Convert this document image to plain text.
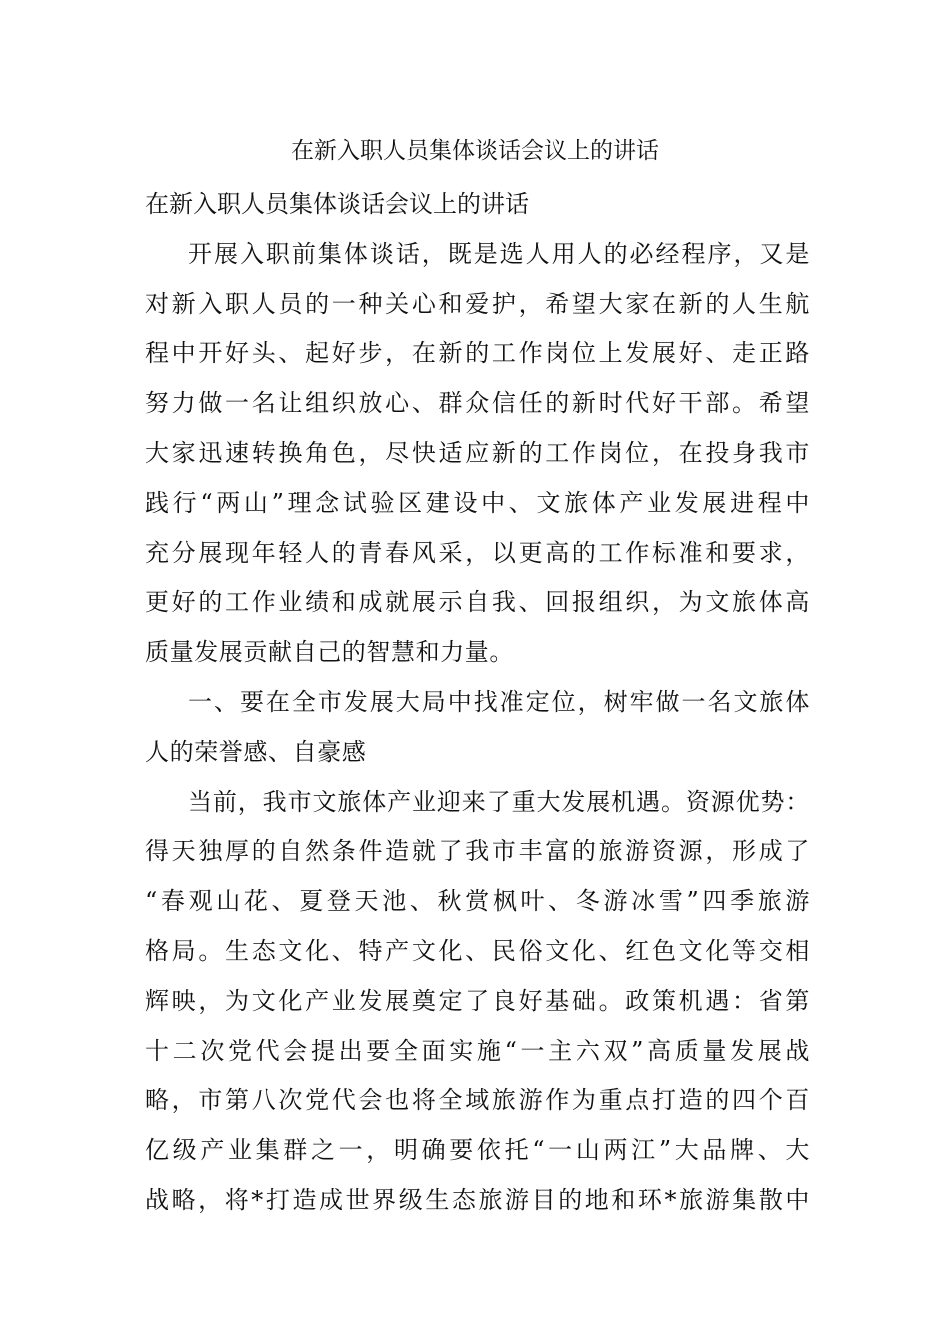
在新入职人员集体谈话会议上的讲话

在新入职人员集体谈话会议上的讲话

开展入职前集体谈话，既是选人用人的必经程序，又是
对新入职人员的一种关心和爱护，希望大家在新的人生航
程中开好头、起好步，在新的工作岗位上发展好、走正路
努力做一名让组织放心、群众信任的新时代好干部。希望
大家迅速转换角色，尽快适应新的工作岗位，在投身我市
践行“两山”理念试验区建设中、文旅体产业发展进程中
充分展现年轻人的青春风采，以更高的工作标准和要求，
更好的工作业绩和成就展示自我、回报组织，为文旅体高
质量发展贡献自己的智慧和力量。

一、要在全市发展大局中找准定位，树牢做一名文旅体
人的荣誉感、自豪感

当前，我市文旅体产业迎来了重大发展机遇。资源优势：
得天独厚的自然条件造就了我市丰富的旅游资源，形成了
“春观山花、夏登天池、秋赏枫叶、冬游冰雪”四季旅游
格局。生态文化、特产文化、民俗文化、红色文化等交相
辉映，为文化产业发展奠定了良好基础。政策机遇：省第
十二次党代会提出要全面实施“一主六双”高质量发展战
略，市第八次党代会也将全域旅游作为重点打造的四个百
亿级产业集群之一，明确要依托“一山两江”大品牌、大
战略，将*打造成世界级生态旅游目的地和环*旅游集散中
